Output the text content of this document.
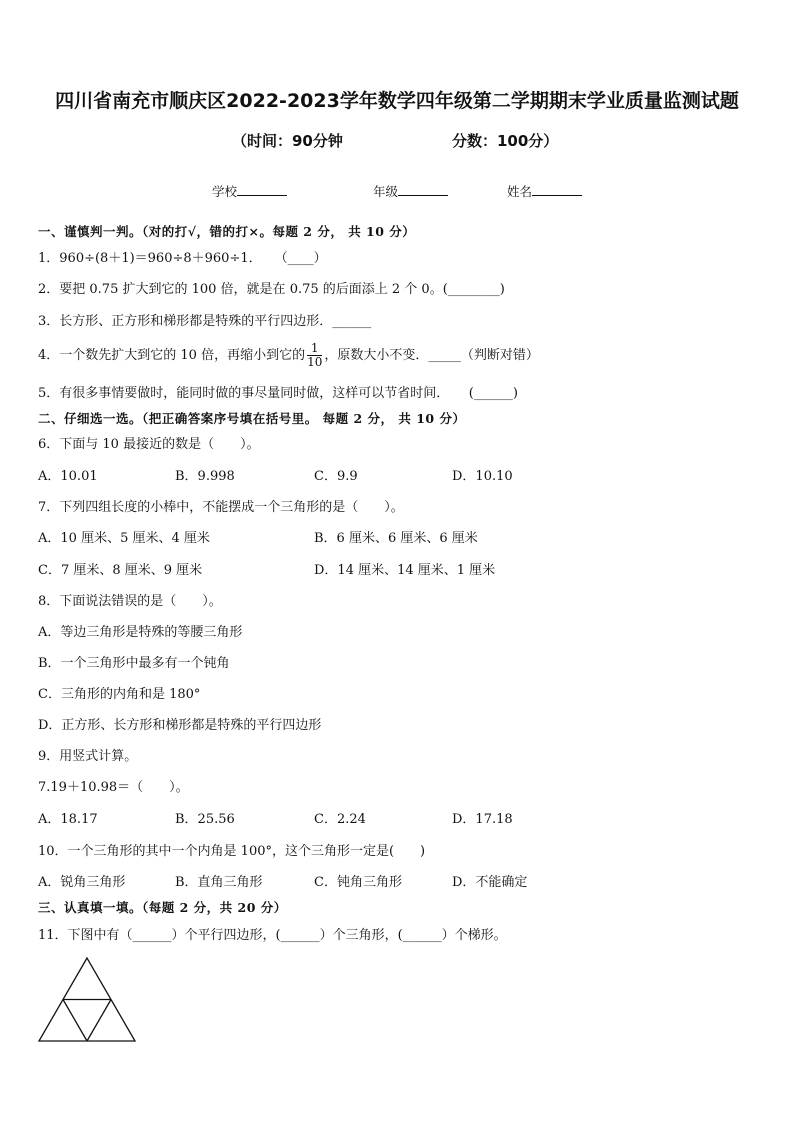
四川省南充市顺庆区2022-2023学年数学四年级第二学期期末学业质量监测试题
（时间：90分钟	分数：100分）
学校	年级	姓名
一、谨慎判一判。（对的打√，错的打×。每题 2 分， 共 10 分）
1．960÷(8＋1)＝960÷8＋960÷1．　　（____）
2．要把 0.75 扩大到它的 100 倍，就是在 0.75 的后面添上 2 个 0。(________)
3．长方形、正方形和梯形都是特殊的平行四边形．______
4．一个数先扩大到它的 10 倍，再缩小到它的 $\frac{1}{10}$ ，原数大小不变．_____（判断对错）
5．有很多事情要做时，能同时做的事尽量同时做，这样可以节省时间．　　(______)
二、仔细选一选。（把正确答案序号填在括号里。 每题 2 分， 共 10 分）
6．下面与 10 最接近的数是（　　）。
A．10.01	B．9.998	C．9.9	D．10.10
7．下列四组长度的小棒中，不能摆成一个三角形的是（　　）。
A．10 厘米、5 厘米、4 厘米	B．6 厘米、6 厘米、6 厘米
C．7 厘米、8 厘米、9 厘米	D．14 厘米、14 厘米、1 厘米
8．下面说法错误的是（　　）。
A．等边三角形是特殊的等腰三角形
B．一个三角形中最多有一个钝角
C．三角形的内角和是 180°
D．正方形、长方形和梯形都是特殊的平行四边形
9．用竖式计算。
7.19＋10.98＝（　　）。
A．18.17	B．25.56	C．2.24	D．17.18
10．一个三角形的其中一个内角是 100°，这个三角形一定是(　　)
A．锐角三角形	B．直角三角形	C．钝角三角形	D．不能确定
三、认真填一填。（每题 2 分，共 20 分）
11．下图中有（______）个平行四边形，(______）个三角形，(______）个梯形。
